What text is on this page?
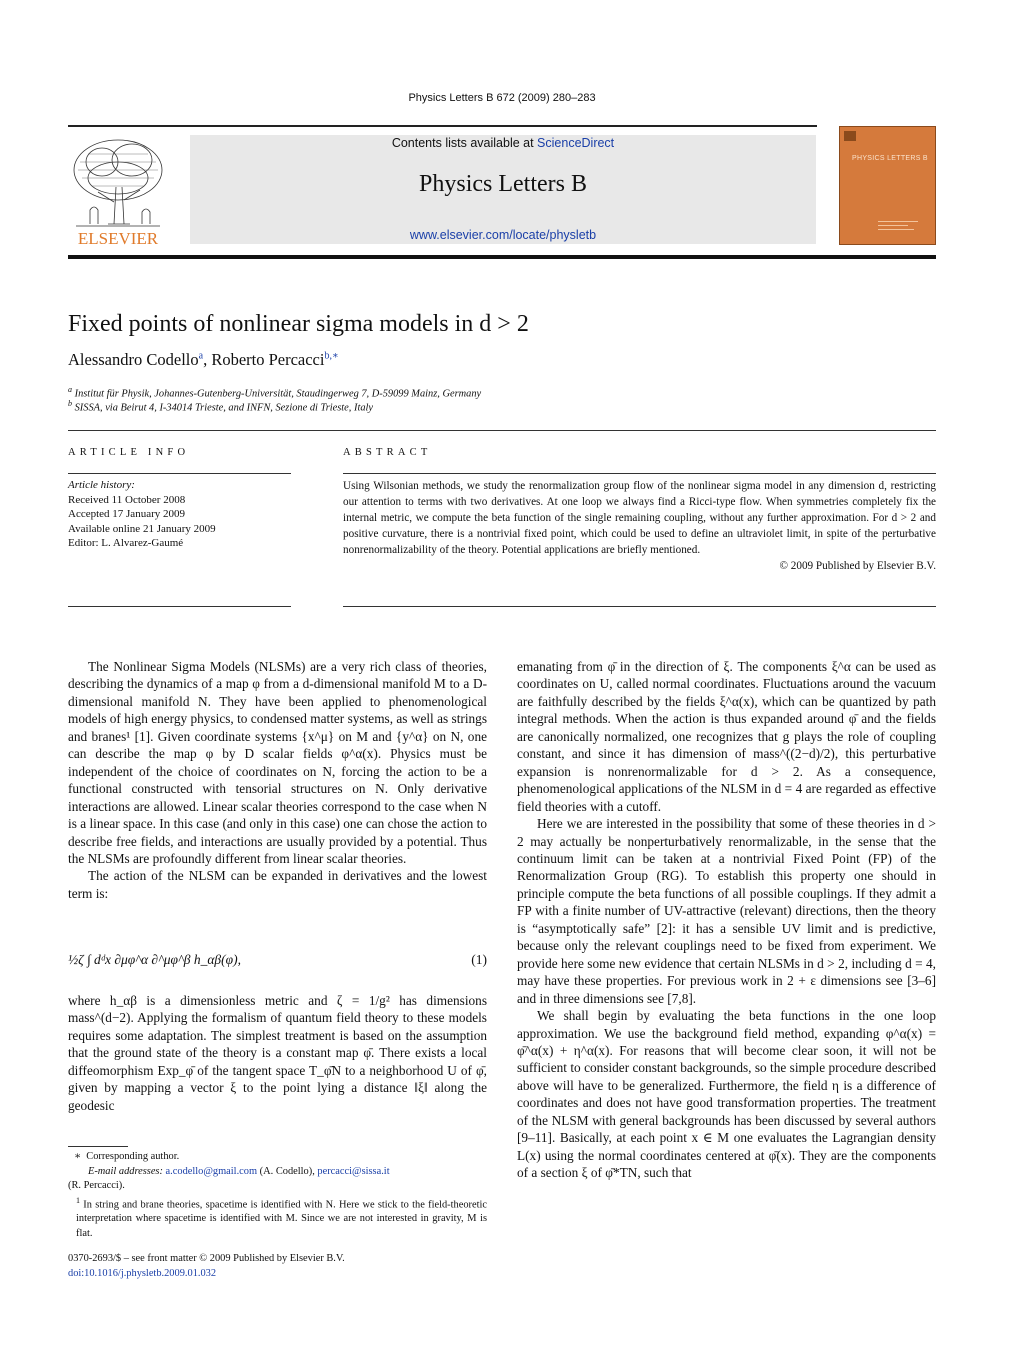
Physics Letters B 672 (2009) 280–283
ELSEVIER
Contents lists available at ScienceDirect
Physics Letters B
www.elsevier.com/locate/physletb
PHYSICS LETTERS B
Fixed points of nonlinear sigma models in d > 2
Alessandro Codello$^a$, Roberto Percacci$^{b,∗}$
$^a$ Institut für Physik, Johannes-Gutenberg-Universität, Staudingerweg 7, D-59099 Mainz, Germany
$^b$ SISSA, via Beirut 4, I-34014 Trieste, and INFN, Sezione di Trieste, Italy
ARTICLE INFO
Article history:
Received 11 October 2008
Accepted 17 January 2009
Available online 21 January 2009
Editor: L. Alvarez-Gaumé
ABSTRACT
Using Wilsonian methods, we study the renormalization group flow of the nonlinear sigma model in any dimension d, restricting our attention to terms with two derivatives. At one loop we always find a Ricci-type flow. When symmetries completely fix the internal metric, we compute the beta function of the single remaining coupling, without any further approximation. For d > 2 and positive curvature, there is a nontrivial fixed point, which could be used to define an ultraviolet limit, in spite of the perturbative nonrenormalizability of the theory. Potential applications are briefly mentioned.
© 2009 Published by Elsevier B.V.

The Nonlinear Sigma Models (NLSMs) are a very rich class of theories, describing the dynamics of a map φ from a d-dimensional manifold M to a D-dimensional manifold N. They have been applied to phenomenological models of high energy physics, to condensed matter systems, as well as strings and branes¹ [1]. Given coordinate systems {x^μ} on M and {y^α} on N, one can describe the map φ by D scalar fields φ^α(x). Physics must be independent of the choice of coordinates on N, forcing the action to be a functional constructed with tensorial structures on N. Only derivative interactions are allowed. Linear scalar theories correspond to the case when N is a linear space. In this case (and only in this case) one can chose the action to describe free fields, and interactions are usually provided by a potential. Thus the NLSMs are profoundly different from linear scalar theories.

The action of the NLSM can be expanded in derivatives and the lowest term is:

½ζ ∫ dᵈx ∂μφ^α ∂^μφ^β h_αβ(φ),	(1)

where h_αβ is a dimensionless metric and ζ = 1/g² has dimensions mass^(d−2). Applying the formalism of quantum field theory to these models requires some adaptation. The simplest treatment is based on the assumption that the ground state of the theory is a constant map φ̄. There exists a local diffeomorphism Exp_φ̄ of the tangent space T_φ̄N to a neighborhood U of φ̄, given by mapping a vector ξ to the point lying a distance ‖ξ‖ along the geodesic

emanating from φ̄ in the direction of ξ. The components ξ^α can be used as coordinates on U, called normal coordinates. Fluctuations around the vacuum are faithfully described by the fields ξ^α(x), which can be quantized by path integral methods. When the action is thus expanded around φ̄ and the fields are canonically normalized, one recognizes that g plays the role of coupling constant, and since it has dimension of mass^((2−d)/2), this perturbative expansion is nonrenormalizable for d > 2. As a consequence, phenomenological applications of the NLSM in d = 4 are regarded as effective field theories with a cutoff.

Here we are interested in the possibility that some of these theories in d > 2 may actually be nonperturbatively renormalizable, in the sense that the continuum limit can be taken at a nontrivial Fixed Point (FP) of the Renormalization Group (RG). To establish this property one should in principle compute the beta functions of all possible couplings. If they admit a FP with a finite number of UV-attractive (relevant) directions, then the theory is “asymptotically safe” [2]: it has a sensible UV limit and is predictive, because only the relevant couplings need to be fixed from experiment. We provide here some new evidence that certain NLSMs in d > 2, including d = 4, may have these properties. For previous work in 2 + ε dimensions see [3–6] and in three dimensions see [7,8].

We shall begin by evaluating the beta functions in the one loop approximation. We use the background field method, expanding φ^α(x) = φ̄^α(x) + η^α(x). For reasons that will become clear soon, it will not be sufficient to consider constant backgrounds, so the simple procedure described above will have to be generalized. Furthermore, the field η is a difference of coordinates and does not have good transformation properties. The treatment of the NLSM with general backgrounds has been discussed by several authors [9–11]. Basically, at each point x ∈ M one evaluates the Lagrangian density L(x) using the normal coordinates centered at φ̄(x). They are the components of a section ξ of φ̄*TN, such that

∗ Corresponding author.
E-mail addresses: a.codello@gmail.com (A. Codello), percacci@sissa.it
(R. Percacci).
$^1$ In string and brane theories, spacetime is identified with N. Here we stick to the field-theoretic interpretation where spacetime is identified with M. Since we are not interested in gravity, M is flat.
0370-2693/$ – see front matter © 2009 Published by Elsevier B.V.
doi:10.1016/j.physletb.2009.01.032
